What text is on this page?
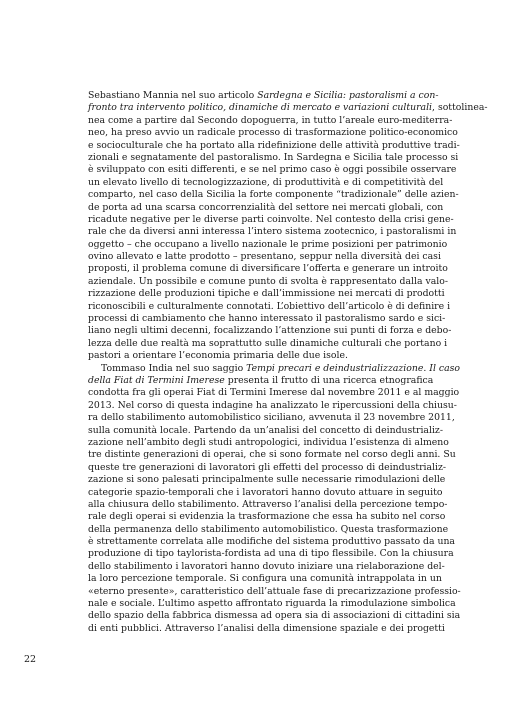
Sebastiano Mannia nel suo articolo Sardegna e Sicilia: pastoralismi a con-
fronto tra intervento politico, dinamiche di mercato e variazioni culturali, sottolinea-
nea come a partire dal Secondo dopoguerra, in tutto l’areale euro-mediterra-
neo, ha preso avvio un radicale processo di trasformazione politico-economico
e socioculturale che ha portato alla ridefinizione delle attività produttive tradi-
zionali e segnatamente del pastoralismo. In Sardegna e Sicilia tale processo si
è sviluppato con esiti differenti, e se nel primo caso è oggi possibile osservare
un elevato livello di tecnologizzazione, di produttività e di competitività del
comparto, nel caso della Sicilia la forte componente “tradizionale” delle azien-
de porta ad una scarsa concorrenzialità del settore nei mercati globali, con
ricadute negative per le diverse parti coinvolte. Nel contesto della crisi gene-
rale che da diversi anni interessa l’intero sistema zootecnico, i pastoralismi in
oggetto – che occupano a livello nazionale le prime posizioni per patrimonio
ovino allevato e latte prodotto – presentano, seppur nella diversità dei casi
proposti, il problema comune di diversificare l’offerta e generare un introito
aziendale. Un possibile e comune punto di svolta è rappresentato dalla valo-
rizzazione delle produzioni tipiche e dall’immissione nei mercati di prodotti
riconoscibili e culturalmente connotati. L’obiettivo dell’articolo è di definire i
processi di cambiamento che hanno interessato il pastoralismo sardo e sici-
liano negli ultimi decenni, focalizzando l’attenzione sui punti di forza e debo-
lezza delle due realtà ma soprattutto sulle dinamiche culturali che portano i
pastori a orientare l’economia primaria delle due isole.
Tommaso India nel suo saggio Tempi precari e deindustrializzazione. Il caso
della Fiat di Termini Imerese presenta il frutto di una ricerca etnografica
condotta fra gli operai Fiat di Termini Imerese dal novembre 2011 e al maggio
2013. Nel corso di questa indagine ha analizzato le ripercussioni della chiusu-
ra dello stabilimento automobilistico siciliano, avvenuta il 23 novembre 2011,
sulla comunità locale. Partendo da un’analisi del concetto di deindustrializ-
zazione nell’ambito degli studi antropologici, individua l’esistenza di almeno
tre distinte generazioni di operai, che si sono formate nel corso degli anni. Su
queste tre generazioni di lavoratori gli effetti del processo di deindustrializ-
zazione si sono palesati principalmente sulle necessarie rimodulazioni delle
categorie spazio-temporali che i lavoratori hanno dovuto attuare in seguito
alla chiusura dello stabilimento. Attraverso l’analisi della percezione tempo-
rale degli operai si evidenzia la trasformazione che essa ha subito nel corso
della permanenza dello stabilimento automobilistico. Questa trasformazione
è strettamente correlata alle modifiche del sistema produttivo passato da una
produzione di tipo taylorista-fordista ad una di tipo flessibile. Con la chiusura
dello stabilimento i lavoratori hanno dovuto iniziare una rielaborazione del-
la loro percezione temporale. Si configura una comunità intrappolata in un
«eterno presente», caratteristico dell’attuale fase di precarizzazione professio-
nale e sociale. L’ultimo aspetto affrontato riguarda la rimodulazione simbolica
dello spazio della fabbrica dismessa ad opera sia di associazioni di cittadini sia
di enti pubblici. Attraverso l’analisi della dimensione spaziale e dei progetti
22
